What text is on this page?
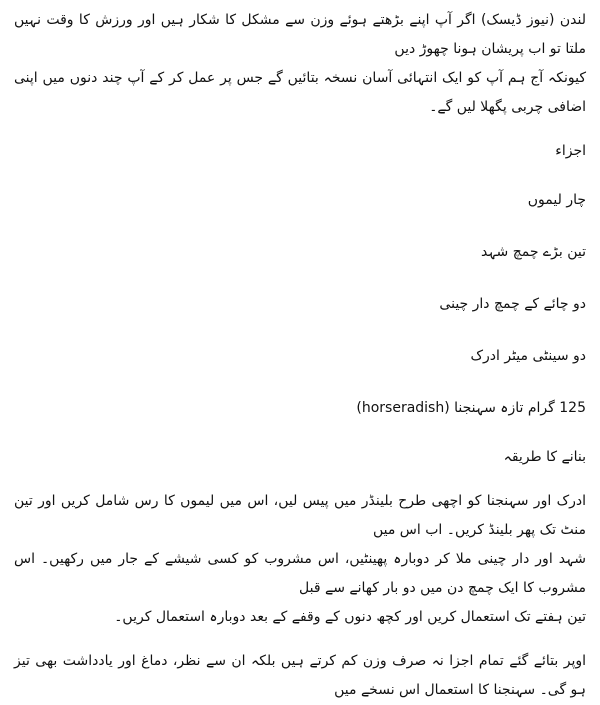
لندن (نیوز ڈیسک) اگر آپ اپنے بڑھتے ہوئے وزن سے مشکل کا شکار ہیں اور ورزش کا وقت نہیں ملتا تو اب پریشان ہونا چھوڑ دیں

کیونکہ آج ہم آپ کو ایک انتہائی آسان نسخہ بتائیں گے جس پر عمل کر کے آپ چند دنوں میں اپنی اضافی چربی پگھلا لیں گے۔

اجزاء

چار لیموں

تین بڑے چمچ شہد

دو چائے کے چمچ دار چینی

دو سینٹی میٹر ادرک

125 گرام تازہ سہنجنا (horseradish)

بنانے کا طریقہ

ادرک اور سہنجنا کو اچھی طرح بلینڈر میں پیس لیں، اس میں لیموں کا رس شامل کریں اور تین منٹ تک پھر بلینڈ کریں۔ اب اس میں

شہد اور دار چینی ملا کر دوبارہ پھینٹیں، اس مشروب کو کسی شیشے کے جار میں رکھیں۔ اس مشروب کا ایک چمچ دن میں دو بار کھانے سے قبل

تین ہفتے تک استعمال کریں اور کچھ دنوں کے وقفے کے بعد دوبارہ استعمال کریں۔

اوپر بتائے گئے تمام اجزا نہ صرف وزن کم کرتے ہیں بلکہ ان سے نظر، دماغ اور یادداشت بھی تیز ہو گی۔ سہنجنا کا استعمال اس نسخے میں
